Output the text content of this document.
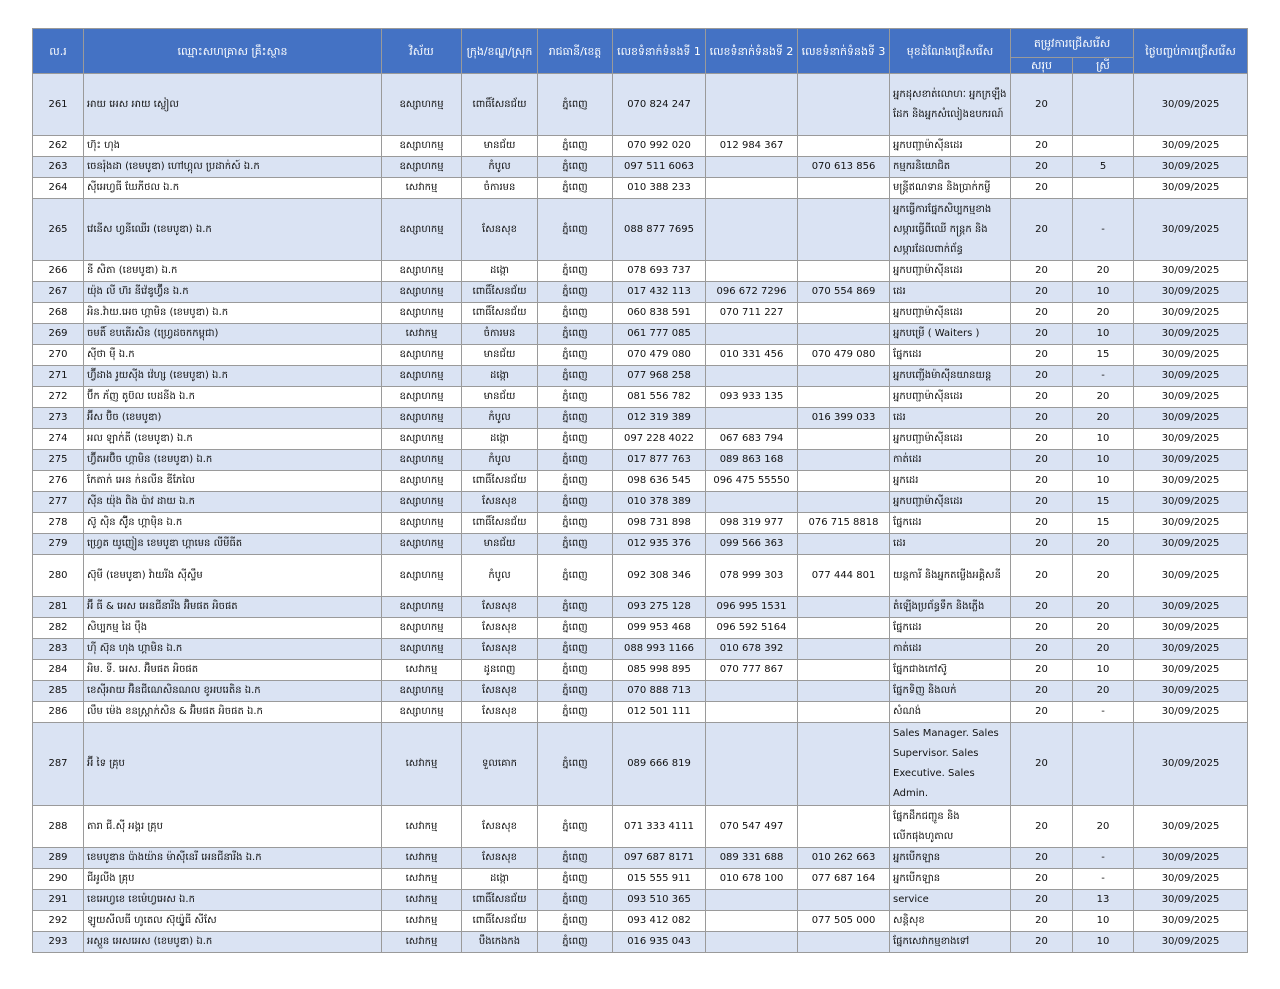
ល.រ	ឈ្មោះសហគ្រាស គ្រឹះស្ថាន	វិស័យ	ក្រុង/ខណ្ឌ/ស្រុក	រាជធានី/ខេត្ត	លេខទំនាក់ទំនងទី 1	លេខទំនាក់ទំនងទី 2	លេខទំនាក់ទំនងទី 3	មុខដំណែងជ្រើសរើស	តម្រូវការជ្រើសរើស		ថ្ងៃបញ្ចប់ការជ្រើសរើស
									សរុប	ស្រី	
261	អាយ អេស អាយ ស្លៀល	ឧស្សាហកម្ម	ពោធិ៍សែនជ័យ	ភ្នំពេញ	070 824 247			អ្នកដុសខាត់លោហៈ អ្នកក្រឡឹងដែក និងអ្នកសំលៀងឧបករណ៍	20		30/09/2025
262	ហ៊ុះ ហុង	ឧស្សាហកម្ម	មានជ័យ	ភ្នំពេញ	070 992 020	012 984 367		អ្នកបញ្ជាម៉ាស៊ីនដេរ	20		30/09/2025
263	ចេនរ៉ុងដា (ខេមបូឌា) ហៅហ្គុល ប្រដាក់ស៍ ឯ.ក	ឧស្សាហកម្ម	កំបូល	ភ្នំពេញ	097 511 6063		070 613 856	កម្មករនិយោជិត	20	5	30/09/2025
264	ស៊ីអេហ្វធី ឃែភីថល ឯ.ក	សេវាកម្ម	ចំការមន	ភ្នំពេញ	010 388 233			មន្ត្រីឥណទាន និងប្រាក់កម្ចី	20		30/09/2025
265	វេនើស ហ្វនីឈើរ (ខេមបូឌា) ឯ.ក	ឧស្សាហកម្ម	សែនសុខ	ភ្នំពេញ	088 877 7695			អ្នកធ្វើការផ្នែកសិប្បកម្មខាងសម្ភារធ្វើពីឈើ កន្ត្រក និងសម្ភារដែលពាក់ព័ន្ធ	20	-	30/09/2025
266	នី សិតា (ខេមបូឌា) ឯ.ក	ឧស្សាហកម្ម	ដង្កោ	ភ្នំពេញ	078 693 737			អ្នកបញ្ជាម៉ាស៊ីនដេរ	20	20	30/09/2025
267	យ៉ុង លី ហ៊រ នីវ៉េឌូហ្វ៊ីន ឯ.ក	ឧស្សាហកម្ម	ពោធិ៍សែនជ័យ	ភ្នំពេញ	017 432 113	096 672 7296	070 554 869	ដេរ	20	10	30/09/2025
268	អិន.វ៉ាយ.អេច ហ្គាមិន (ខេមបូឌា) ឯ.ក	ឧស្សាហកម្ម	ពោធិ៍សែនជ័យ	ភ្នំពេញ	060 838 591	070 711 227		អ្នកបញ្ជាម៉ាស៊ីនដេរ	20	20	30/09/2025
269	ចមតិ៍ ខបតើរសិន (ហ្វ្រេដចកកម្ពុជា)	សេវាកម្ម	ចំការមន	ភ្នំពេញ	061 777 085			អ្នកបម្រើ ( Waiters )	20	10	30/09/2025
270	ស៊ីថា ម៉ឺ ឯ.ក	ឧស្សាហកម្ម	មានជ័យ	ភ្នំពេញ	070 479 080	010 331 456	070 479 080	ផ្នែកដេរ	20	15	30/09/2025
271	ហ្វ៊ីដាង រូយស៊ីង វ៉េហ្ស (ខេមបូឌា) ឯ.ក	ឧស្សាហកម្ម	ដង្កោ	ភ្នំពេញ	077 968 258			អ្នកបញ្ជើងម៉ាស៊ីនយានយន្ត	20	-	30/09/2025
272	ប៊ីក ភ័ញ តូប៊ល បេដនីង ឯ.ក	ឧស្សាហកម្ម	មានជ័យ	ភ្នំពេញ	081 556 782	093 933 135		អ្នកបញ្ជាម៉ាស៊ីនដេរ	20	20	30/09/2025
273	អ៊ីស ប៊ិច (ខេមបូឌា)	ឧស្សាហកម្ម	កំបូល	ភ្នំពេញ	012 319 389		016 399 033	ដេរ	20	20	30/09/2025
274	អល ឡាក់តី (ខេមបូឌា) ឯ.ក	ឧស្សាហកម្ម	ដង្កោ	ភ្នំពេញ	097 228 4022	067 683 794		អ្នកបញ្ជាម៉ាស៊ីនដេរ	20	10	30/09/2025
275	ហ្វ៊ីតអប៊ិច ហ្គាមិន (ខេមបូឌា) ឯ.ក	ឧស្សាហកម្ម	កំបូល	ភ្នំពេញ	017 877 763	089 863 168		កាត់ដេរ	20	10	30/09/2025
276	កែតាក់ អេន ក់នលីន ឌីភែលៃ	ឧស្សាហកម្ម	ពោធិ៍សែនជ័យ	ភ្នំពេញ	098 636 545	096 475 55550		អ្នកដេរ	20	10	30/09/2025
277	ស៊ីន យ៉ុង ពិង ប៉ាវ ដាយ ឯ.ក	ឧស្សាហកម្ម	សែនសុខ	ភ្នំពេញ	010 378 389			អ្នកបញ្ជាម៉ាស៊ីនដេរ	20	15	30/09/2025
278	ស៊ូ ស៊ិន ស៊ូីន ហ្គាម៉ិន ឯ.ក	ឧស្សាហកម្ម	ពោធិ៍សែនជ័យ	ភ្នំពេញ	098 731 898	098 319 977	076 715 8818	ផ្នែកដេរ	20	15	30/09/2025
279	ហ្វ្រេត យូញៀន ខេមបូឌា ហ្គាមេន លីមីធីត	ឧស្សាហកម្ម	មានជ័យ	ភ្នំពេញ	012 935 376	099 566 363		ដេរ	20	20	30/09/2025
280	ស៊ុមី (ខេមបូឌា) វ៉ាយរីង ស៊ីស្ទឹម	ឧស្សាហកម្ម	កំបូល	ភ្នំពេញ	092 308 346	078 999 303	077 444 801	យន្តការី និងអ្នកតម្លើងអគ្គិសនី	20	20	30/09/2025
281	អ៊ី ធី & អេស អេនជីនារីង អ៊ិមផត អិចផត	ឧស្សាហកម្ម	សែនសុខ	ភ្នំពេញ	093 275 128	096 995 1531		តំឡើងប្រព័ន្ធទឹក និងភ្លើង	20	20	30/09/2025
282	សិប្បកម្ម ដៃ ប៉ឹង	ឧស្សាហកម្ម	សែនសុខ	ភ្នំពេញ	099 953 468	096 592 5164		ផ្នែកដេរ	20	20	30/09/2025
283	ហ៊ី ស៊ុន ហុង ហ្គាមិន ឯ.ក	ឧស្សាហកម្ម	សែនសុខ	ភ្នំពេញ	088 993 1166	010 678 392		កាត់ដេរ	20	20	30/09/2025
284	អិម. ទី. អេស. អ៊ិមផត អិចផត	សេវាកម្ម	ដូនពេញ	ភ្នំពេញ	085 998 895	070 777 867		ផ្នែកជាងកៅស៊ូ	20	10	30/09/2025
285	ខេស៊ីអាយ អ៊ិនជីណេសិនណល ខូអបរេតិន ឯ.ក	ឧស្សាហកម្ម	សែនសុខ	ភ្នំពេញ	070 888 713			ផ្នែកទិញ និងលក់	20	20	30/09/2025
286	លឹម ម៉េង ខនស្ត្រាក់សិន & អ៊ិមផត អិចផត ឯ.ក	ឧស្សាហកម្ម	សែនសុខ	ភ្នំពេញ	012 501 111			សំណង់	20	-	30/09/2025
287	អ៊ី ទៃ គ្រុប	សេវាកម្ម	ទួលគោក	ភ្នំពេញ	089 666 819			Sales Manager. Sales Supervisor. Sales Executive. Sales Admin.	20		30/09/2025
288	តារា ជី.ស៊ី អង្គរ គ្រុប	សេវាកម្ម	សែនសុខ	ភ្នំពេញ	071 333 4111	070 547 497		ផ្នែកដឹកជញ្ជូន និងលើកផុងហូតាល	20	20	30/09/2025
289	ខេមបូឌាន ប៉ាងយ៉ាន ម៉ាស៊ីនេរី អេនជីនារីង ឯ.ក	សេវាកម្ម	សែនសុខ	ភ្នំពេញ	097 687 8171	089 331 688	010 262 663	អ្នកបើកឡាន	20	-	30/09/2025
290	ជីអូលីង គ្រុប	សេវាកម្ម	ដង្កោ	ភ្នំពេញ	015 555 911	010 678 100	077 687 164	អ្នកបើកឡាន	20	-	30/09/2025
291	ខេអេហ្វខេ ខេម៉េហ្វអេស ឯ.ក	សេវាកម្ម	ពោធិ៍សែនជ័យ	ភ្នំពេញ	093 510 365			service	20	13	30/09/2025
292	ឡូយសីលធី ហូតេល ស៊ុយ្វ៉ូធី សីសែ	សេវាកម្ម	ពោធិ៍សែនជ័យ	ភ្នំពេញ	093 412 082		077 505 000	សន្តិសុខ	20	10	30/09/2025
293	អស្តួន អេសអេស (ខេមបូឌា) ឯ.ក	សេវាកម្ម	បឹងកេងកង	ភ្នំពេញ	016 935 043			ផ្នែកសេវាកម្មខាងទៅ	20	10	30/09/2025
